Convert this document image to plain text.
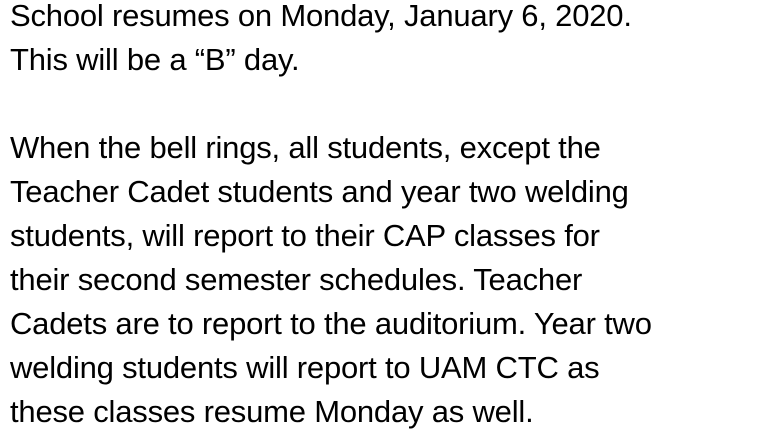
School resumes on Monday, January 6, 2020.
This will be a “B” day.
When the bell rings, all students, except the
Teacher Cadet students and year two welding
students, will report to their CAP classes for
their second semester schedules. Teacher
Cadets are to report to the auditorium. Year two
welding students will report to UAM CTC as
these classes resume Monday as well.
